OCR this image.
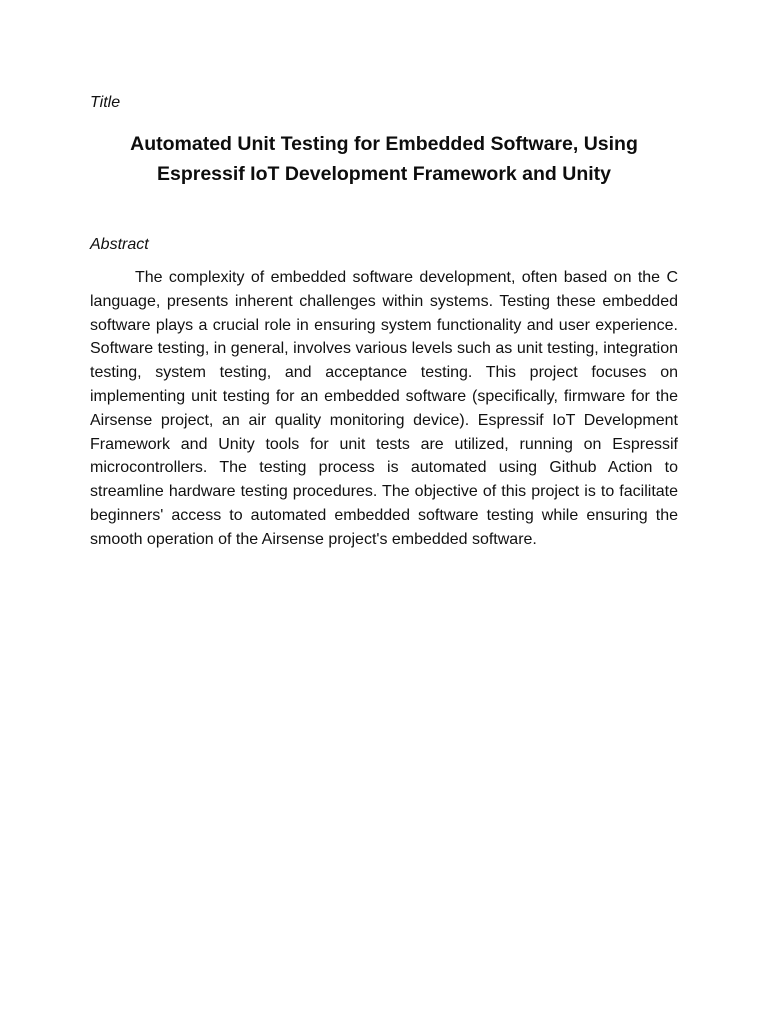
Title

Automated Unit Testing for Embedded Software, Using Espressif IoT Development Framework and Unity

Abstract

The complexity of embedded software development, often based on the C language, presents inherent challenges within systems. Testing these embedded software plays a crucial role in ensuring system functionality and user experience. Software testing, in general, involves various levels such as unit testing, integration testing, system testing, and acceptance testing. This project focuses on implementing unit testing for an embedded software (specifically, firmware for the Airsense project, an air quality monitoring device). Espressif IoT Development Framework and Unity tools for unit tests are utilized, running on Espressif microcontrollers. The testing process is automated using Github Action to streamline hardware testing procedures. The objective of this project is to facilitate beginners' access to automated embedded software testing while ensuring the smooth operation of the Airsense project's embedded software.
